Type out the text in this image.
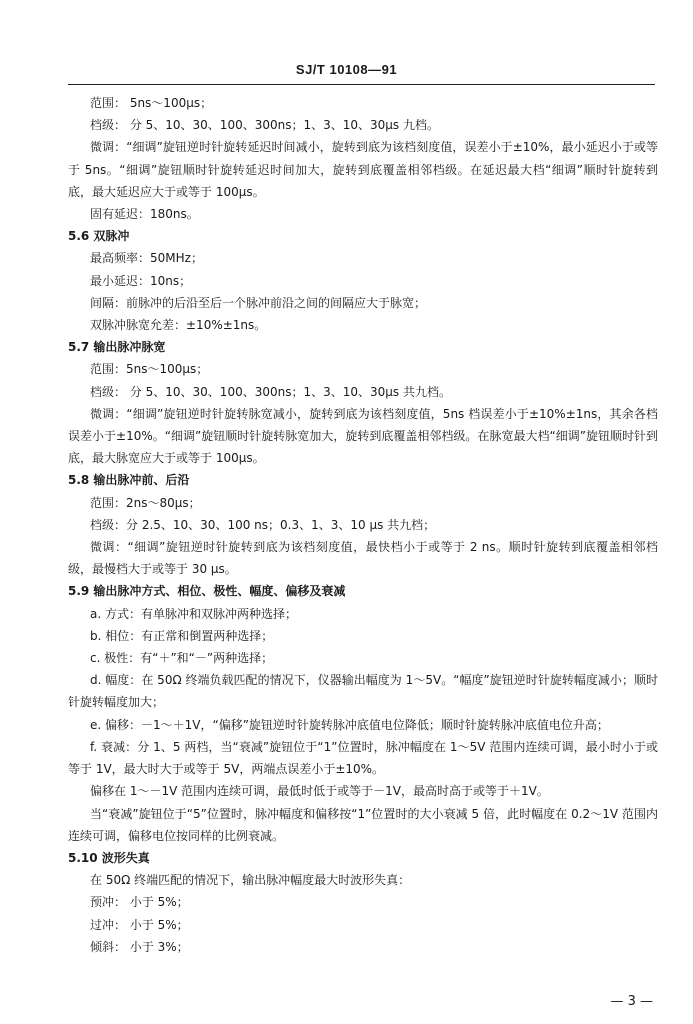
SJ/T 10108—91

范围： 5ns～100μs；

档级： 分 5、10、30、100、300ns；1、3、10、30μs 九档。

微调：“细调”旋钮逆时针旋转延迟时间减小，旋转到底为该档刻度值，误差小于±10%，最小延迟小于或等于 5ns。“细调”旋钮顺时针旋转延迟时间加大，旋转到底覆盖相邻档级。在延迟最大档“细调”顺时针旋转到底，最大延迟应大于或等于 100μs。

固有延迟：180ns。

5.6 双脉冲

最高频率：50MHz；

最小延迟：10ns；

间隔：前脉冲的后沿至后一个脉冲前沿之间的间隔应大于脉宽；

双脉冲脉宽允差：±10%±1ns。

5.7 输出脉冲脉宽

范围：5ns～100μs；

档级： 分 5、10、30、100、300ns；1、3、10、30μs 共九档。

微调：“细调”旋钮逆时针旋转脉宽减小，旋转到底为该档刻度值，5ns 档误差小于±10%±1ns，其余各档误差小于±10%。“细调”旋钮顺时针旋转脉宽加大，旋转到底覆盖相邻档级。在脉宽最大档“细调”旋钮顺时针到底，最大脉宽应大于或等于 100μs。

5.8 输出脉冲前、后沿

范围：2ns～80μs；

档级：分 2.5、10、30、100 ns；0.3、1、3、10 μs 共九档；

微调：“细调”旋钮逆时针旋转到底为该档刻度值，最快档小于或等于 2 ns。顺时针旋转到底覆盖相邻档级，最慢档大于或等于 30 μs。

5.9 输出脉冲方式、相位、极性、幅度、偏移及衰减

a. 方式：有单脉冲和双脉冲两种选择；

b. 相位：有正常和倒置两种选择；

c. 极性：有“＋”和“－”两种选择；

d. 幅度：在 50Ω 终端负载匹配的情况下，仪器输出幅度为 1～5V。“幅度”旋钮逆时针旋转幅度减小；顺时针旋转幅度加大；

e. 偏移：－1～＋1V，“偏移”旋钮逆时针旋转脉冲底值电位降低；顺时针旋转脉冲底值电位升高；

f. 衰减：分 1、5 两档，当“衰减”旋钮位于“1”位置时，脉冲幅度在 1～5V 范围内连续可调，最小时小于或等于 1V，最大时大于或等于 5V，两端点误差小于±10%。

偏移在 1～－1V 范围内连续可调，最低时低于或等于－1V，最高时高于或等于＋1V。

当“衰减”旋钮位于“5”位置时，脉冲幅度和偏移按“1”位置时的大小衰减 5 倍，此时幅度在 0.2～1V 范围内连续可调，偏移电位按同样的比例衰减。

5.10 波形失真

在 50Ω 终端匹配的情况下，输出脉冲幅度最大时波形失真：

预冲： 小于 5%；

过冲： 小于 5%；

倾斜： 小于 3%；

— 3 —
